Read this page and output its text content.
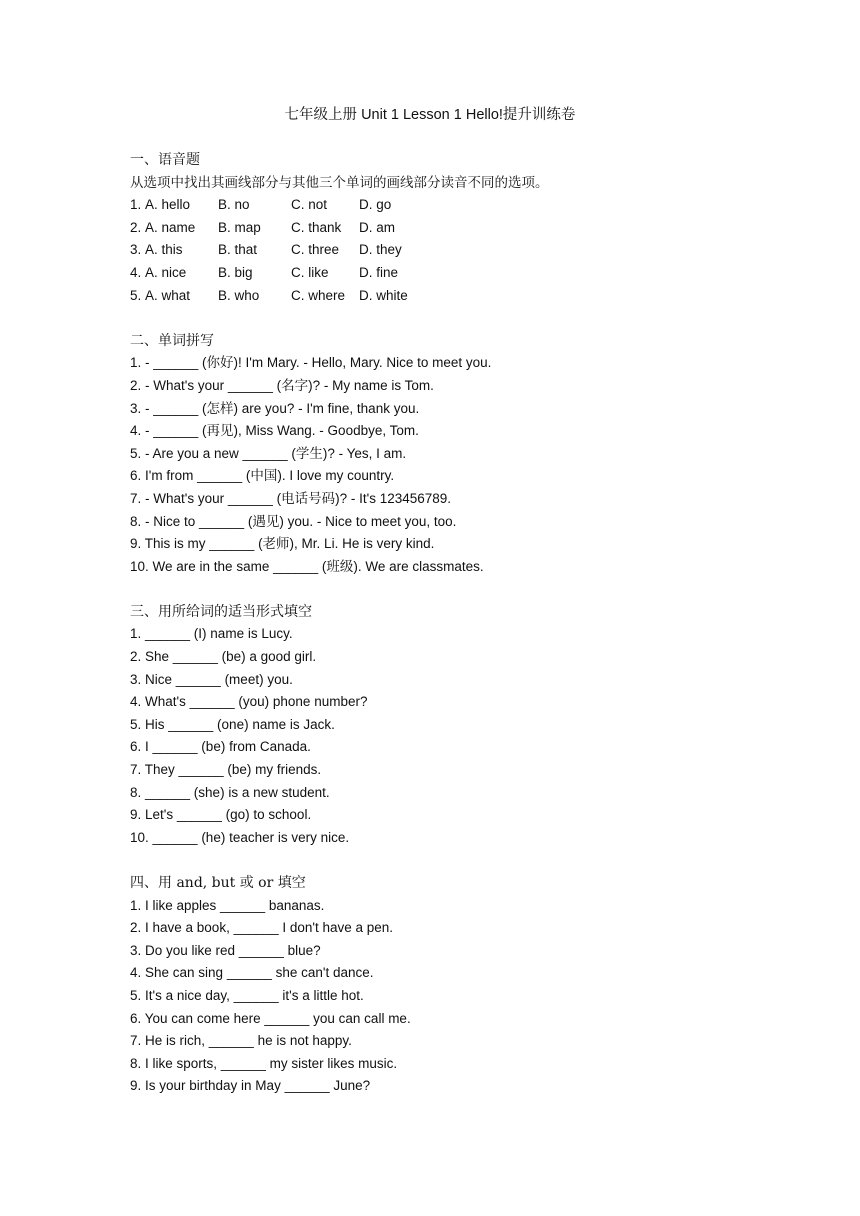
七年级上册 Unit 1 Lesson 1 Hello!提升训练卷
一、语音题
从选项中找出其画线部分与其他三个单词的画线部分读音不同的选项。
1. A. hello	B. no	C. not	D. go
2. A. name	B. map	C. thank	D. am
3. A. this	B. that	C. three	D. they
4. A. nice	B. big	C. like	D. fine
5. A. what	B. who	C. where	D. white
二、单词拼写
1. - ______ (你好)! I'm Mary. - Hello, Mary. Nice to meet you.
2. - What's your ______ (名字)? - My name is Tom.
3. - ______ (怎样) are you? - I'm fine, thank you.
4. - ______ (再见), Miss Wang. - Goodbye, Tom.
5. - Are you a new ______ (学生)? - Yes, I am.
6. I'm from ______ (中国). I love my country.
7. - What's your ______ (电话号码)? - It's 123456789.
8. - Nice to ______ (遇见) you. - Nice to meet you, too.
9. This is my ______ (老师), Mr. Li. He is very kind.
10. We are in the same ______ (班级). We are classmates.
三、用所给词的适当形式填空
1. ______ (I) name is Lucy.
2. She ______ (be) a good girl.
3. Nice ______ (meet) you.
4. What's ______ (you) phone number?
5. His ______ (one) name is Jack.
6. I ______ (be) from Canada.
7. They ______ (be) my friends.
8. ______ (she) is a new student.
9. Let's ______ (go) to school.
10. ______ (he) teacher is very nice.
四、用 and, but 或 or 填空
1. I like apples ______ bananas.
2. I have a book, ______ I don't have a pen.
3. Do you like red ______ blue?
4. She can sing ______ she can't dance.
5. It's a nice day, ______ it's a little hot.
6. You can come here ______ you can call me.
7. He is rich, ______ he is not happy.
8. I like sports, ______ my sister likes music.
9. Is your birthday in May ______ June?
